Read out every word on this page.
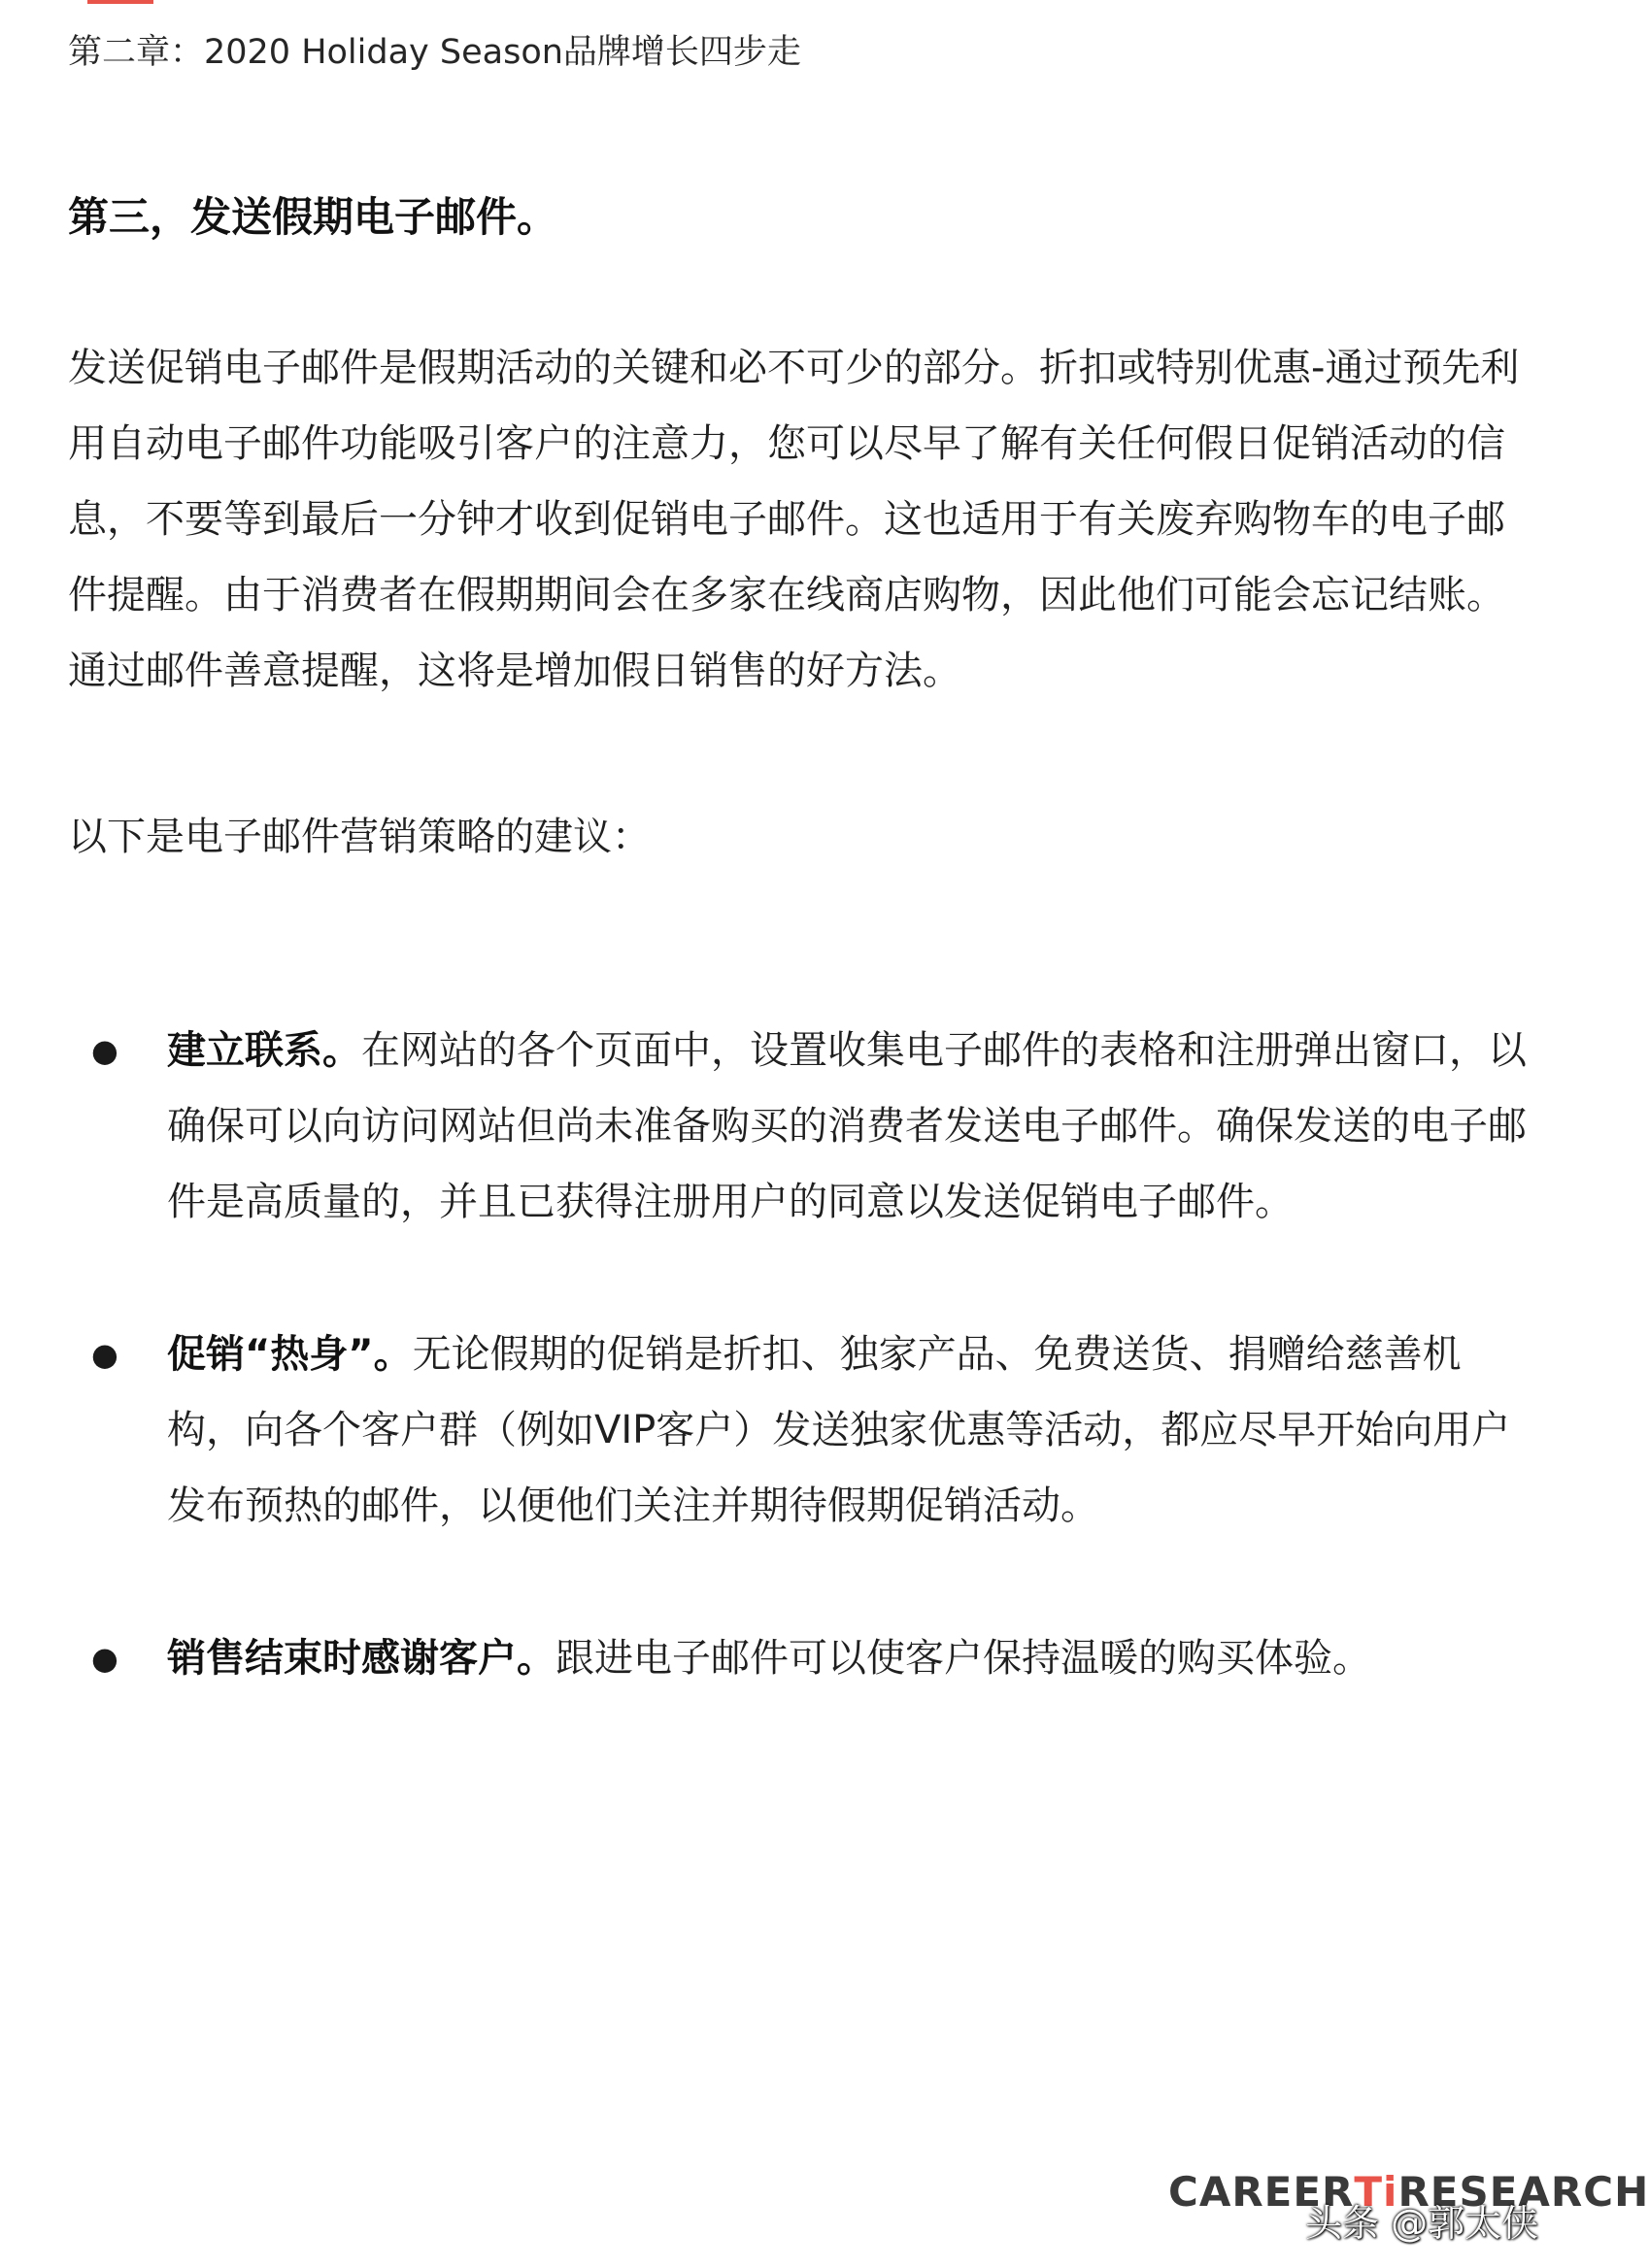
第二章：2020 Holiday Season品牌增长四步走
第三，发送假期电子邮件。

发送促销电子邮件是假期活动的关键和必不可少的部分。折扣或特别优惠-通过预先利用自动电子邮件功能吸引客户的注意力，您可以尽早了解有关任何假日促销活动的信息，不要等到最后一分钟才收到促销电子邮件。这也适用于有关废弃购物车的电子邮件提醒。由于消费者在假期期间会在多家在线商店购物，因此他们可能会忘记结账。通过邮件善意提醒，这将是增加假日销售的好方法。

以下是电子邮件营销策略的建议：
● 建立联系。在网站的各个页面中，设置收集电子邮件的表格和注册弹出窗口，以确保可以向访问网站但尚未准备购买的消费者发送电子邮件。确保发送的电子邮件是高质量的，并且已获得注册用户的同意以发送促销电子邮件。
● 促销“热身”。无论假期的促销是折扣、独家产品、免费送货、捐赠给慈善机构，向各个客户群（例如VIP客户）发送独家优惠等活动，都应尽早开始向用户发布预热的邮件，以便他们关注并期待假期促销活动。
● 销售结束时感谢客户。跟进电子邮件可以使客户保持温暖的购买体验。
CAREERTiRESEARCH
头条 @郭太侠
